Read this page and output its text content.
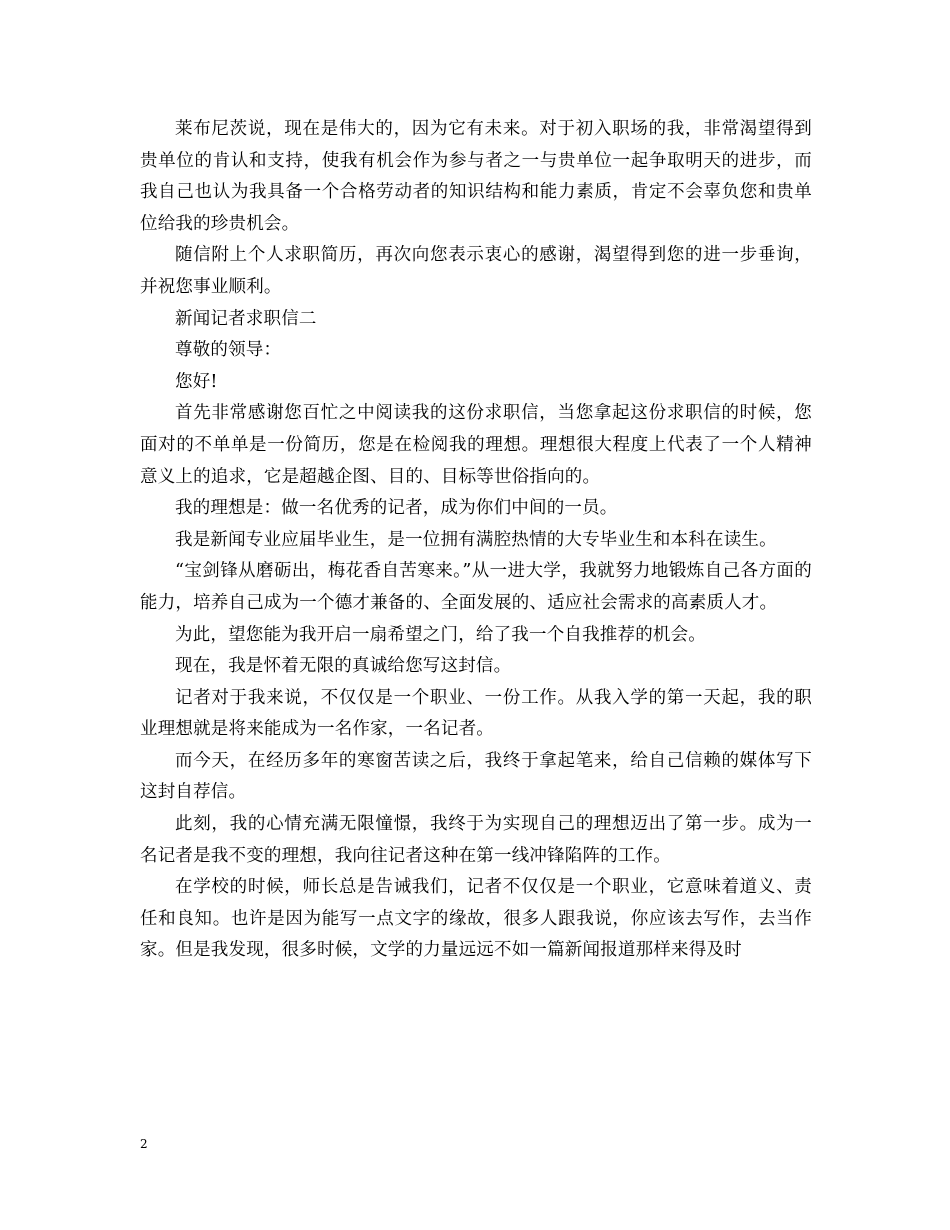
莱布尼茨说，现在是伟大的，因为它有未来。对于初入职场的我，非常渴望得到贵单位的肯认和支持，使我有机会作为参与者之一与贵单位一起争取明天的进步，而我自己也认为我具备一个合格劳动者的知识结构和能力素质，肯定不会辜负您和贵单位给我的珍贵机会。

随信附上个人求职简历，再次向您表示衷心的感谢，渴望得到您的进一步垂询，并祝您事业顺利。

新闻记者求职信二

尊敬的领导：

您好!

首先非常感谢您百忙之中阅读我的这份求职信，当您拿起这份求职信的时候，您面对的不单单是一份简历，您是在检阅我的理想。理想很大程度上代表了一个人精神意义上的追求，它是超越企图、目的、目标等世俗指向的。

我的理想是：做一名优秀的记者，成为你们中间的一员。

我是新闻专业应届毕业生，是一位拥有满腔热情的大专毕业生和本科在读生。

“宝剑锋从磨砺出，梅花香自苦寒来。”从一进大学，我就努力地锻炼自己各方面的能力，培养自己成为一个德才兼备的、全面发展的、适应社会需求的高素质人才。

为此，望您能为我开启一扇希望之门，给了我一个自我推荐的机会。

现在，我是怀着无限的真诚给您写这封信。

记者对于我来说，不仅仅是一个职业、一份工作。从我入学的第一天起，我的职业理想就是将来能成为一名作家，一名记者。

而今天，在经历多年的寒窗苦读之后，我终于拿起笔来，给自己信赖的媒体写下这封自荐信。

此刻，我的心情充满无限憧憬，我终于为实现自己的理想迈出了第一步。成为一名记者是我不变的理想，我向往记者这种在第一线冲锋陷阵的工作。

在学校的时候，师长总是告诫我们，记者不仅仅是一个职业，它意味着道义、责任和良知。也许是因为能写一点文字的缘故，很多人跟我说，你应该去写作，去当作家。但是我发现，很多时候，文学的力量远远不如一篇新闻报道那样来得及时

2
